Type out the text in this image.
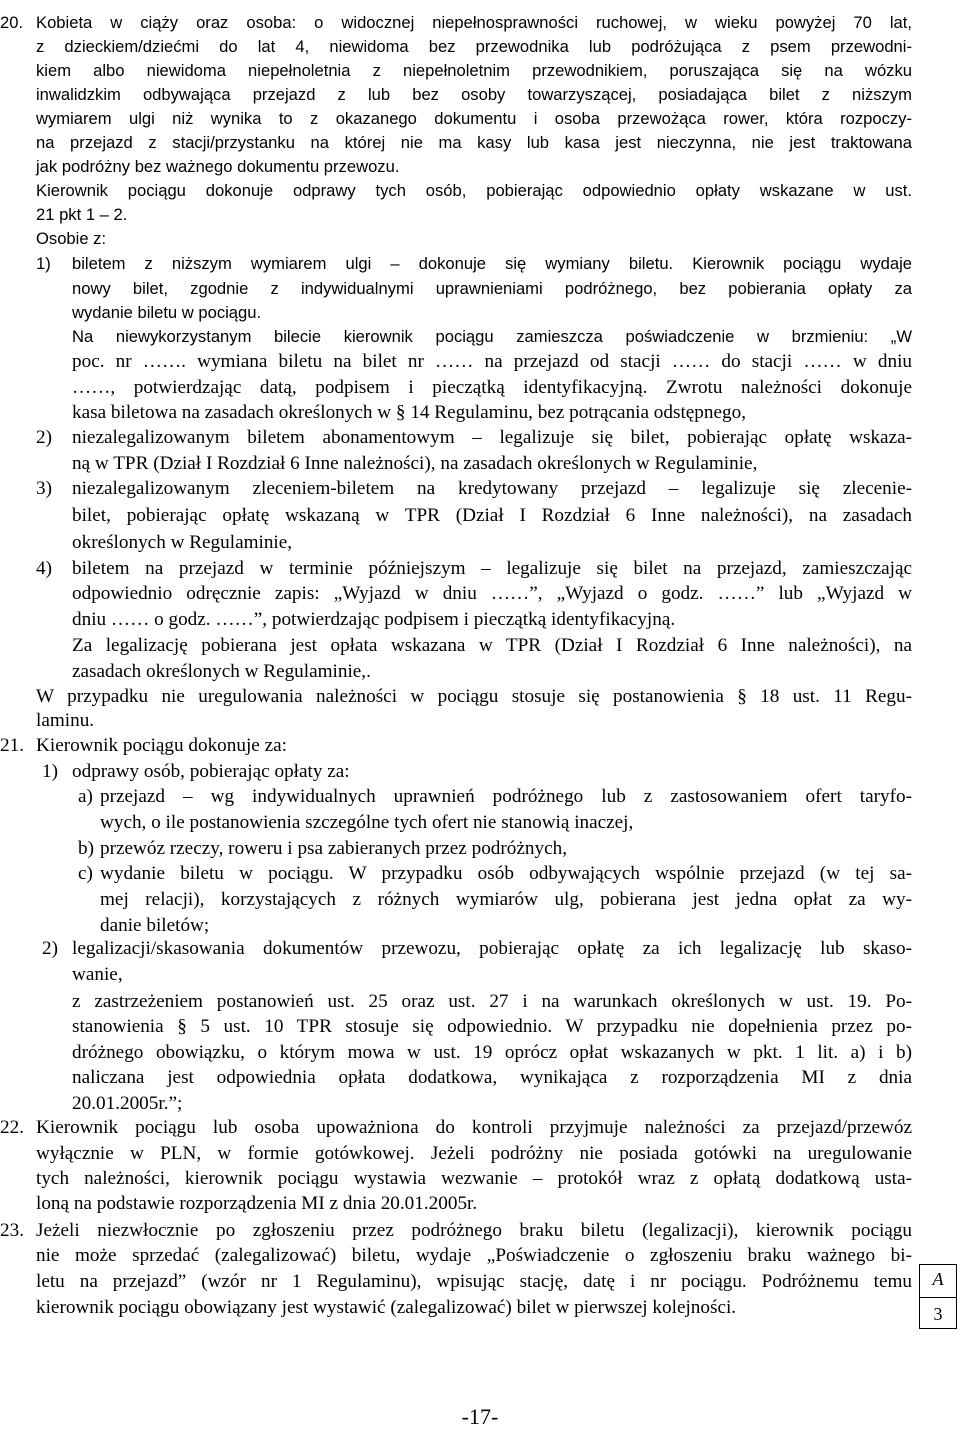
20. Kobieta w ciąży oraz osoba: o widocznej niepełnosprawności ruchowej, w wieku powyżej 70 lat,
z dzieckiem/dziećmi do lat 4, niewidoma bez przewodnika lub podróżująca z psem przewodni-
kiem albo niewidoma niepełnoletnia z niepełnoletnim przewodnikiem, poruszająca się na wózku
inwalidzkim odbywająca przejazd z lub bez osoby towarzyszącej, posiadająca bilet z niższym
wymiarem ulgi niż wynika to z okazanego dokumentu i osoba przewożąca rower, która rozpoczy-
na przejazd z stacji/przystanku na której nie ma kasy lub kasa jest nieczynna, nie jest traktowana
jak podróżny bez ważnego dokumentu przewozu.
Kierownik pociągu dokonuje odprawy tych osób, pobierając odpowiednio opłaty wskazane w ust.
21 pkt 1 – 2.
Osobie z:
1) biletem z niższym wymiarem ulgi – dokonuje się wymiany biletu. Kierownik pociągu wydaje
nowy bilet, zgodnie z indywidualnymi uprawnieniami podróżnego, bez pobierania opłaty za
wydanie biletu w pociągu.
Na niewykorzystanym bilecie kierownik pociągu zamieszcza poświadczenie w brzmieniu: „W
poc. nr ……. wymiana biletu na bilet nr …… na przejazd od stacji …… do stacji …… w dniu
……, potwierdzając datą, podpisem i pieczątką identyfikacyjną. Zwrotu należności dokonuje
kasa biletowa na zasadach określonych w § 14 Regulaminu, bez potrącania odstępnego,
2) niezalegalizowanym biletem abonamentowym – legalizuje się bilet, pobierając opłatę wskaza-
ną w TPR (Dział I Rozdział 6 Inne należności), na zasadach określonych w Regulaminie,
3) niezalegalizowanym zleceniem-biletem na kredytowany przejazd – legalizuje się zlecenie-
bilet, pobierając opłatę wskazaną w TPR (Dział I Rozdział 6 Inne należności), na zasadach
określonych w Regulaminie,
4) biletem na przejazd w terminie późniejszym – legalizuje się bilet na przejazd, zamieszczając
odpowiednio odręcznie zapis: „Wyjazd w dniu ……”, „Wyjazd o godz. ……” lub „Wyjazd w
dniu …… o godz. ……”, potwierdzając podpisem i pieczątką identyfikacyjną.
Za legalizację pobierana jest opłata wskazana w TPR (Dział I Rozdział 6 Inne należności), na
zasadach określonych w Regulaminie,.
W przypadku nie uregulowania należności w pociągu stosuje się postanowienia § 18 ust. 11 Regu-
laminu.
21. Kierownik pociągu dokonuje za:
1) odprawy osób, pobierając opłaty za:
a) przejazd – wg indywidualnych uprawnień podróżnego lub z zastosowaniem ofert taryfo-
wych, o ile postanowienia szczególne tych ofert nie stanowią inaczej,
b) przewóz rzeczy, roweru i psa zabieranych przez podróżnych,
c) wydanie biletu w pociągu. W przypadku osób odbywających wspólnie przejazd (w tej sa-
mej relacji), korzystających z różnych wymiarów ulg, pobierana jest jedna opłat za wy-
danie biletów;
2) legalizacji/skasowania dokumentów przewozu, pobierając opłatę za ich legalizację lub skaso-
wanie,
z zastrzeżeniem postanowień ust. 25 oraz ust. 27 i na warunkach określonych w ust. 19. Po-
stanowienia § 5 ust. 10 TPR stosuje się odpowiednio. W przypadku nie dopełnienia przez po-
dróżnego obowiązku, o którym mowa w ust. 19 oprócz opłat wskazanych w pkt. 1 lit. a) i b)
naliczana jest odpowiednia opłata dodatkowa, wynikająca z rozporządzenia MI z dnia
20.01.2005r.”;
22. Kierownik pociągu lub osoba upoważniona do kontroli przyjmuje należności za przejazd/przewóz
wyłącznie w PLN, w formie gotówkowej. Jeżeli podróżny nie posiada gotówki na uregulowanie
tych należności, kierownik pociągu wystawia wezwanie – protokół wraz z opłatą dodatkową usta-
loną na podstawie rozporządzenia MI z dnia 20.01.2005r.
23. Jeżeli niezwłocznie po zgłoszeniu przez podróżnego braku biletu (legalizacji), kierownik pociągu
nie może sprzedać (zalegalizować) biletu, wydaje „Poświadczenie o zgłoszeniu braku ważnego bi-
letu na przejazd” (wzór nr 1 Regulaminu), wpisując stację, datę i nr pociągu. Podróżnemu temu
kierownik pociągu obowiązany jest wystawić (zalegalizować) bilet w pierwszej kolejności.
A
3
-17-
